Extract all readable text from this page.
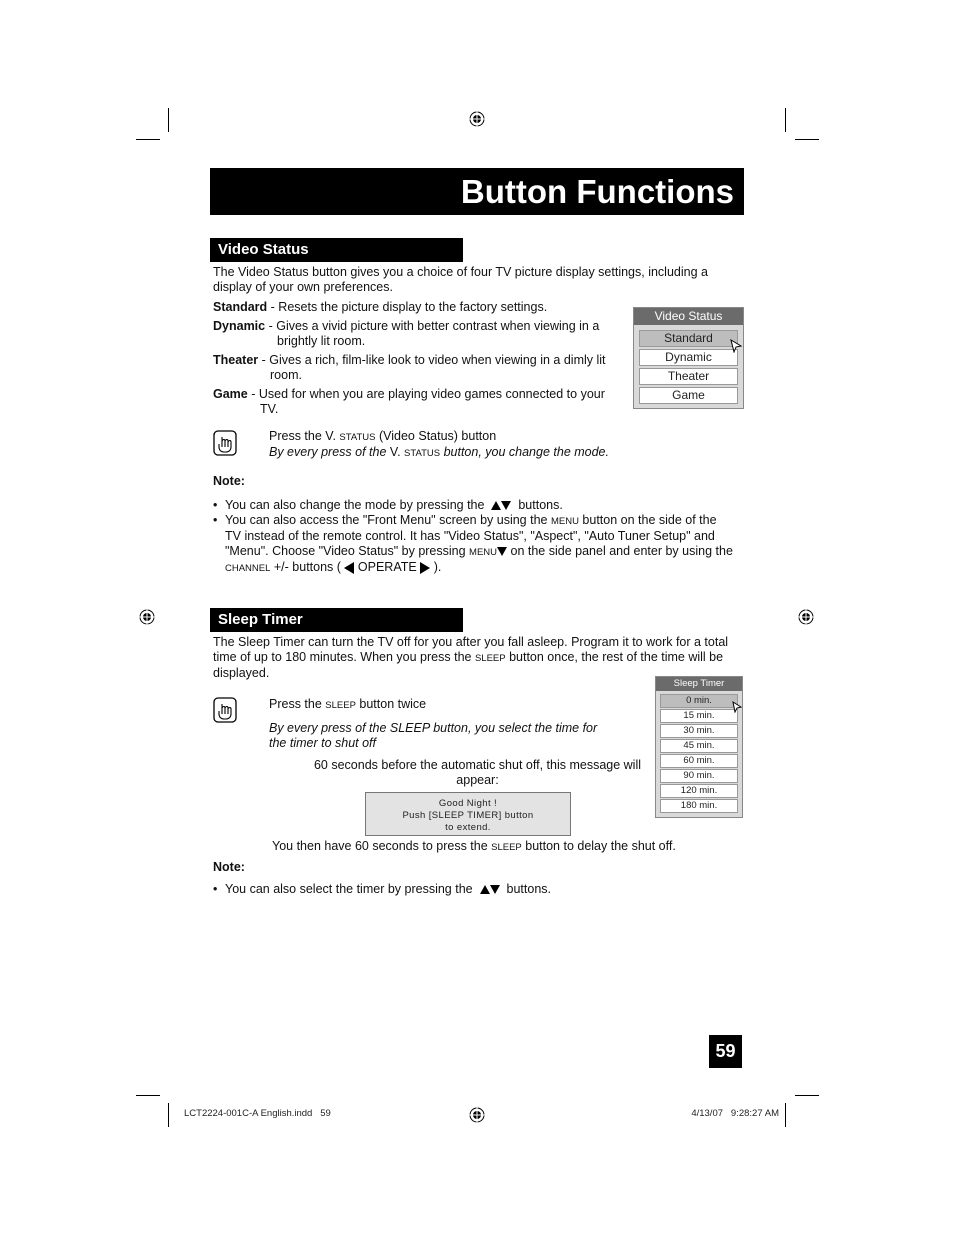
Button Functions
Video Status
The Video Status button gives you a choice of four TV picture display settings, including a display of your own preferences.
Standard - Resets the picture display to the factory settings.
Dynamic - Gives a vivid picture with better contrast when viewing in a brightly lit room.
Theater - Gives a rich, film-like look to video when viewing in a dimly lit room.
Game - Used for when you are playing video games connected to your TV.
Video Status
Standard
Dynamic
Theater
Game
Press the V. STATUS (Video Status) button
By every press of the V. STATUS button, you change the mode.
Note:
• You can also change the mode by pressing the	buttons.
• You can also access the "Front Menu" screen by using the MENU button on the side of the TV instead of the remote control. It has "Video Status", "Aspect", "Auto Tuner Setup" and "Menu". Choose "Video Status" by pressing MENU on the side panel and enter by using the CHANNEL +/- buttons ( OPERATE ).
Sleep Timer
The Sleep Timer can turn the TV off for you after you fall asleep. Program it to work for a total time of up to 180 minutes. When you press the SLEEP button once, the rest of the time will be displayed.
Press the SLEEP button twice
By every press of the SLEEP button, you select the time for the timer to shut off
60 seconds before the automatic shut off, this message will appear:
Good Night !
Push [SLEEP TIMER] button
to extend.
You then have 60 seconds to press the SLEEP button to delay the shut off.
Sleep Timer
0 min.
15 min.
30 min.
45 min.
60 min.
90 min.
120 min.
180 min.
Note:
• You can also select the timer by pressing the	buttons.
59
LCT2224-001C-A English.indd   59	4/13/07   9:28:27 AM
